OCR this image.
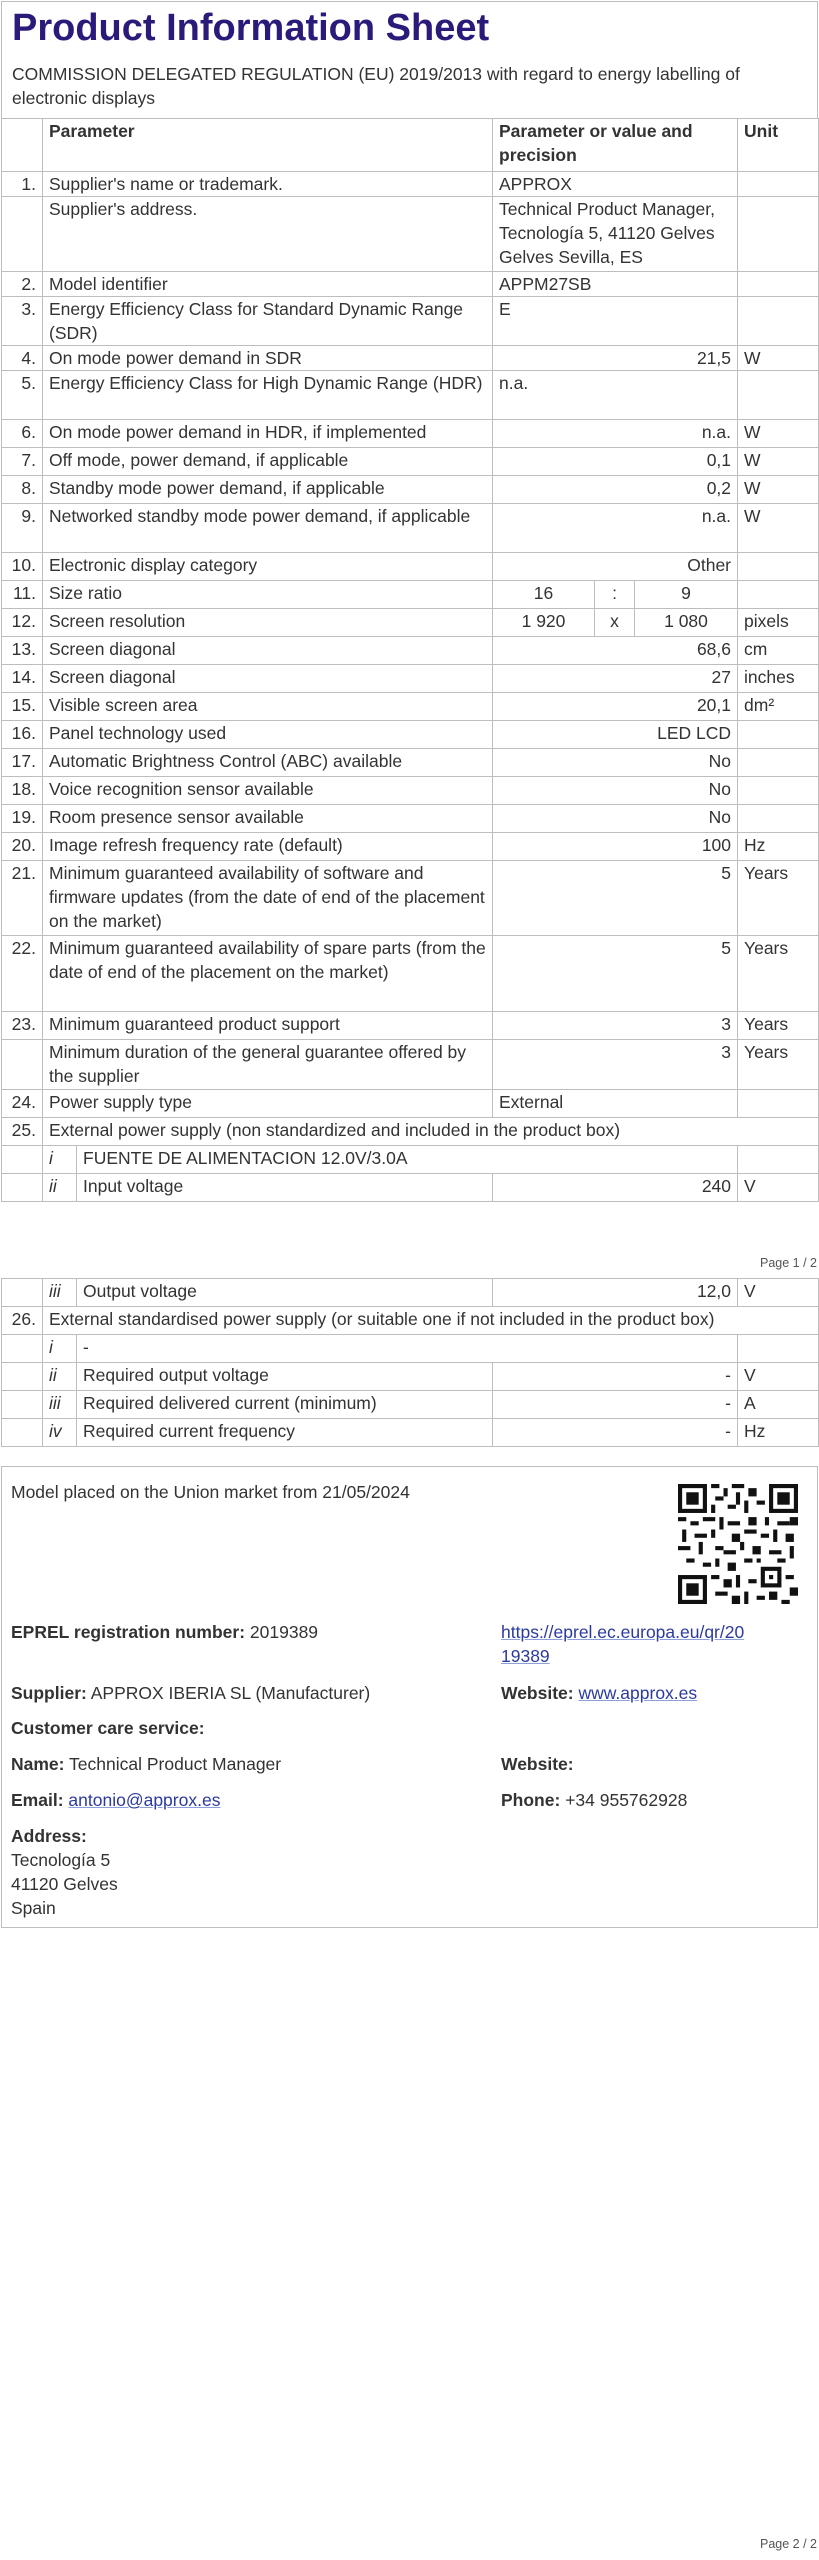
Product Information Sheet
COMMISSION DELEGATED REGULATION (EU) 2019/2013 with regard to energy labelling of electronic displays
	Parameter		Parameter or value and precision			Unit
1.	Supplier's name or trademark.		APPROX			
	Supplier's address.		Technical Product Manager, Tecnología 5, 41120 Gelves Gelves Sevilla, ES			
2.	Model identifier		APPM27SB			
3.	Energy Efficiency Class for Standard Dynamic Range (SDR)		E			
4.	On mode power demand in SDR		21,5			W
5.	Energy Efficiency Class for High Dynamic Range (HDR)		n.a.			
6.	On mode power demand in HDR, if implemented		n.a.			W
7.	Off mode, power demand, if applicable		0,1			W
8.	Standby mode power demand, if applicable		0,2			W
9.	Networked standby mode power demand, if applicable		n.a.			W
10.	Electronic display category		Other			
11.	Size ratio		16	:	9	
12.	Screen resolution		1 920	x	1 080	pixels
13.	Screen diagonal		68,6			cm
14.	Screen diagonal		27			inches
15.	Visible screen area		20,1			dm²
16.	Panel technology used		LED LCD			
17.	Automatic Brightness Control (ABC) available		No			
18.	Voice recognition sensor available		No			
19.	Room presence sensor available		No			
20.	Image refresh frequency rate (default)		100			Hz
21.	Minimum guaranteed availability of software and firmware updates (from the date of end of the placement on the market)		5			Years
22.	Minimum guaranteed availability of spare parts (from the date of end of the placement on the market)		5			Years
23.	Minimum guaranteed product support		3			Years
	Minimum duration of the general guarantee offered by the supplier		3			Years
24.	Power supply type		External			
25.	External power supply (non standardized and included in the product box)					
	i	FUENTE DE ALIMENTACION 12.0V/3.0A				
	ii	Input voltage	240			V
Page 1 / 2
	iii	Output voltage	12,0	V
26.	External standardised power supply (or suitable one if not included in the product box)			
	i	-		
	ii	Required output voltage	-	V
	iii	Required delivered current (minimum)	-	A
	iv	Required current frequency	-	Hz
Model placed on the Union market from 21/05/2024
EPREL registration number: 2019389	https://eprel.ec.europa.eu/qr/20
19389
Supplier: APPROX IBERIA SL (Manufacturer)	Website: www.approx.es
Customer care service:
Name: Technical Product Manager	Website:
Email: antonio@approx.es	Phone: +34 955762928
Address:
Tecnología 5
41120 Gelves
Spain
Page 2 / 2
